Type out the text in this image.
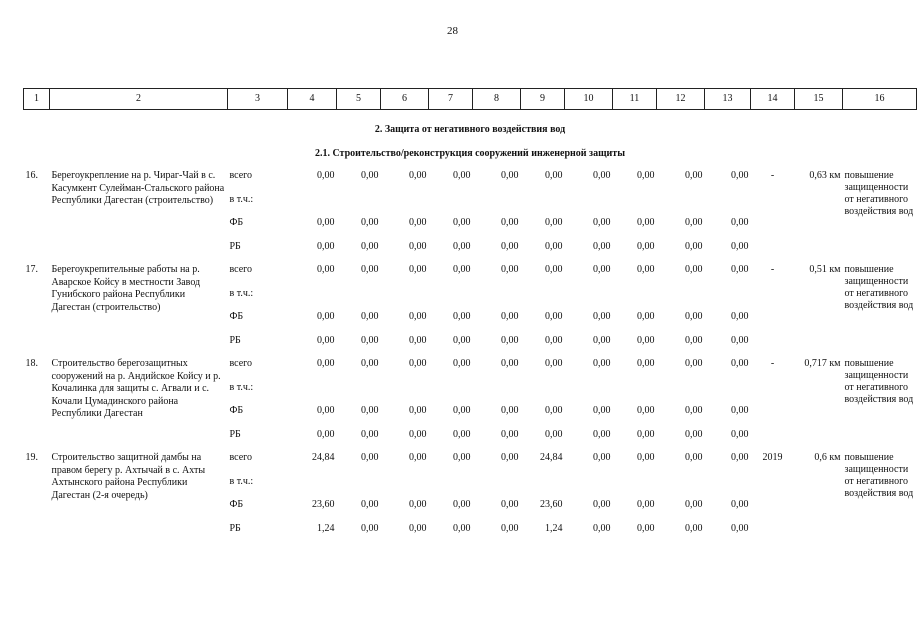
28
1	2	3	4	5	6	7	8	9	10	11	12	13	14	15	16
2. Защита от негативного воздействия вод															
2.1. Строительство/реконструкция сооружений инженерной защиты															
16.	Берегоукрепление на р. Чираг-Чай в с. Касумкент Сулейман-Стальского района Республики Дагестан (строительство)	всего	0,00	0,00	0,00	0,00	0,00	0,00	0,00	0,00	0,00	0,00	-	0,63 км	повышение защищенности от негативного воздействия вод
		в т.ч.:													
		ФБ	0,00	0,00	0,00	0,00	0,00	0,00	0,00	0,00	0,00	0,00			
		РБ	0,00	0,00	0,00	0,00	0,00	0,00	0,00	0,00	0,00	0,00			
17.	Берегоукрепительные работы на р. Аварское Койсу в местности Завод Гунибского района Республики Дагестан (строительство)	всего	0,00	0,00	0,00	0,00	0,00	0,00	0,00	0,00	0,00	0,00	-	0,51 км	повышение защищенности от негативного воздействия вод
		в т.ч.:													
		ФБ	0,00	0,00	0,00	0,00	0,00	0,00	0,00	0,00	0,00	0,00			
		РБ	0,00	0,00	0,00	0,00	0,00	0,00	0,00	0,00	0,00	0,00			
18.	Строительство берегозащитных сооружений на р. Андийское Койсу и р. Кочалинка для защиты с. Агвали и с. Кочали Цумадинского района Республики Дагестан	всего	0,00	0,00	0,00	0,00	0,00	0,00	0,00	0,00	0,00	0,00	-	0,717 км	повышение защищенности от негативного воздействия вод
		в т.ч.:													
		ФБ	0,00	0,00	0,00	0,00	0,00	0,00	0,00	0,00	0,00	0,00			
		РБ	0,00	0,00	0,00	0,00	0,00	0,00	0,00	0,00	0,00	0,00			
19.	Строительство защитной дамбы на правом берегу р. Ахтычай в с. Ахты Ахтынского района Республики Дагестан (2-я очередь)	всего	24,84	0,00	0,00	0,00	0,00	24,84	0,00	0,00	0,00	0,00	2019	0,6 км	повышение защищенности от негативного воздействия вод
		в т.ч.:													
		ФБ	23,60	0,00	0,00	0,00	0,00	23,60	0,00	0,00	0,00	0,00			
		РБ	1,24	0,00	0,00	0,00	0,00	1,24	0,00	0,00	0,00	0,00			
